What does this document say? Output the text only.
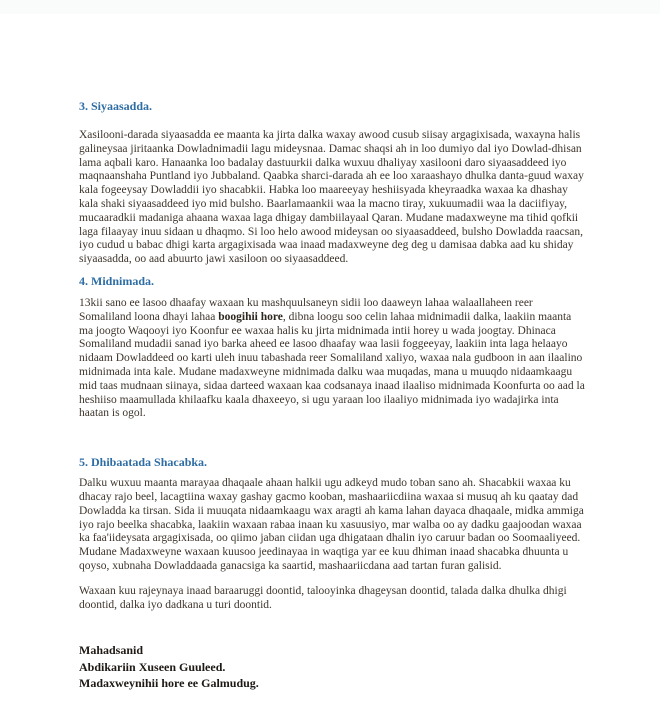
3. Siyaasadda.

Xasilooni-darada siyaasadda ee maanta ka jirta dalka waxay awood cusub siisay argagixisada, waxayna halis galineysaa jiritaanka Dowladnimadii lagu mideysnaa. Damac shaqsi ah in loo dumiyo dal iyo Dowlad-dhisan lama aqbali karo. Hanaanka loo badalay dastuurkii dalka wuxuu dhaliyay xasilooni daro siyaasaddeed iyo maqnaanshaha Puntland iyo Jubbaland. Qaabka sharci-darada ah ee loo xaraashayo dhulka danta-guud waxay kala fogeeysay Dowladdii iyo shacabkii. Habka loo maareeyay heshiisyada kheyraadka waxaa ka dhashay kala shaki siyaasaddeed iyo mid bulsho. Baarlamaankii waa la macno tiray, xukuumadii waa la daciifiyay, mucaaradkii madaniga ahaana waxaa laga dhigay dambiilayaal Qaran. Mudane madaxweyne ma tihid qofkii laga filaayay inuu sidaan u dhaqmo. Si loo helo awood mideysan oo siyaasaddeed, bulsho Dowladda raacsan, iyo cudud u babac dhigi karta argagixisada waa inaad madaxweyne deg deg u damisaa dabka aad ku shiday siyaasadda, oo aad abuurto jawi xasiloon oo siyaasaddeed.

4. Midnimada.

13kii sano ee lasoo dhaafay waxaan ku mashquulsaneyn sidii loo daaweyn lahaa walaallaheen reer Somaliland loona dhayi lahaa boogihii hore, dibna loogu soo celin lahaa midnimadii dalka, laakiin maanta ma joogto Waqooyi iyo Koonfur ee waxaa halis ku jirta midnimada intii horey u wada joogtay. Dhinaca Somaliland mudadii sanad iyo barka aheed ee lasoo dhaafay waa lasii foggeeyay, laakiin inta laga helaayo nidaam Dowladdeed oo karti uleh inuu tabashada reer Somaliland xaliyo, waxaa nala gudboon in aan ilaalino midnimada inta kale. Mudane madaxweyne midnimada dalku waa muqadas, mana u muuqdo nidaamkaagu mid taas mudnaan siinaya, sidaa darteed waxaan kaa codsanaya inaad ilaaliso midnimada Koonfurta oo aad la heshiiso maamullada khilaafku kaala dhaxeeyo, si ugu yaraan loo ilaaliyo midnimada iyo wadajirka inta haatan is ogol.

5. Dhibaatada Shacabka.

Dalku wuxuu maanta marayaa dhaqaale ahaan halkii ugu adkeyd mudo toban sano ah. Shacabkii waxaa ku dhacay rajo beel, lacagtiina waxay gashay gacmo kooban, mashaariicdiina waxaa si musuq ah ku qaatay dad Dowladda ka tirsan. Sida ii muuqata nidaamkaagu wax aragti ah kama lahan dayaca dhaqaale, midka ammiga iyo rajo beelka shacabka, laakiin waxaan rabaa inaan ku xasuusiyo, mar walba oo ay dadku gaajoodan waxaa ka faa'iideysata argagixisada, oo qiimo jaban ciidan uga dhigataan dhalin iyo caruur badan oo Soomaaliyeed. Mudane Madaxweyne waxaan kuusoo jeedinayaa in waqtiga yar ee kuu dhiman inaad shacabka dhuunta u qoyso, xubnaha Dowladdaada ganacsiga ka saartid, mashaariicdana aad tartan furan galisid.

Waxaan kuu rajeynaya inaad baraaruggi doontid, talooyinka dhageysan doontid, talada dalka dhulka dhigi doontid, dalka iyo dadkana u turi doontid.

Mahadsanid
Abdikariin Xuseen Guuleed.
Madaxweynihii hore ee Galmudug.
